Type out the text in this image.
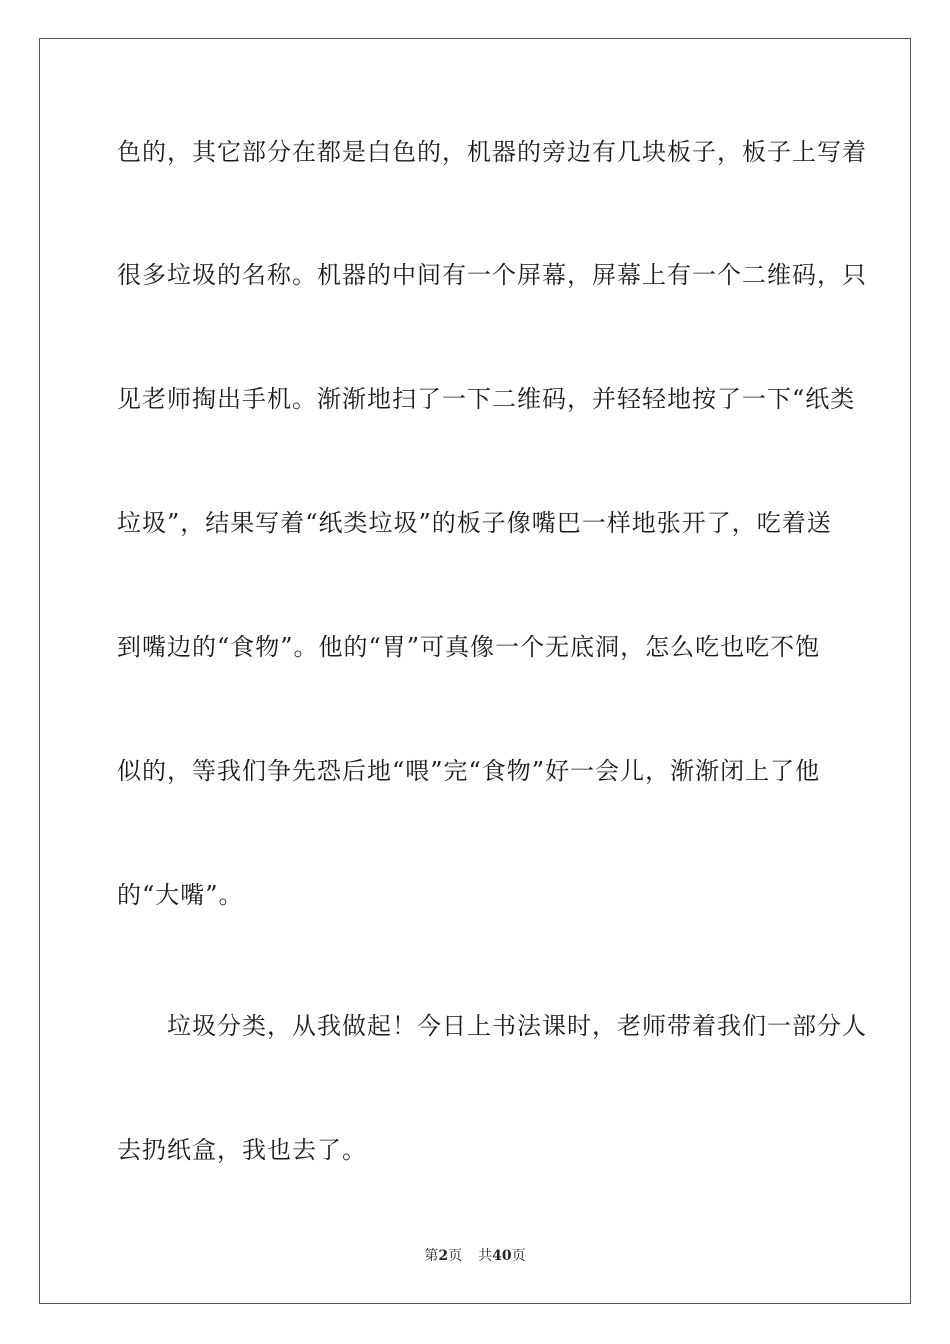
色的，其它部分在都是白色的，机器的旁边有几块板子，板子上写着
很多垃圾的名称。机器的中间有一个屏幕，屏幕上有一个二维码，只
见老师掏出手机。渐渐地扫了一下二维码，并轻轻地按了一下“纸类
垃圾”，结果写着“纸类垃圾”的板子像嘴巴一样地张开了，吃着送
到嘴边的“食物”。他的“胃”可真像一个无底洞，怎么吃也吃不饱
似的，等我们争先恐后地“喂”完“食物”好一会儿，渐渐闭上了他
的“大嘴”。
　　垃圾分类，从我做起！今日上书法课时，老师带着我们一部分人
去扔纸盒，我也去了。
第2页 共40页
